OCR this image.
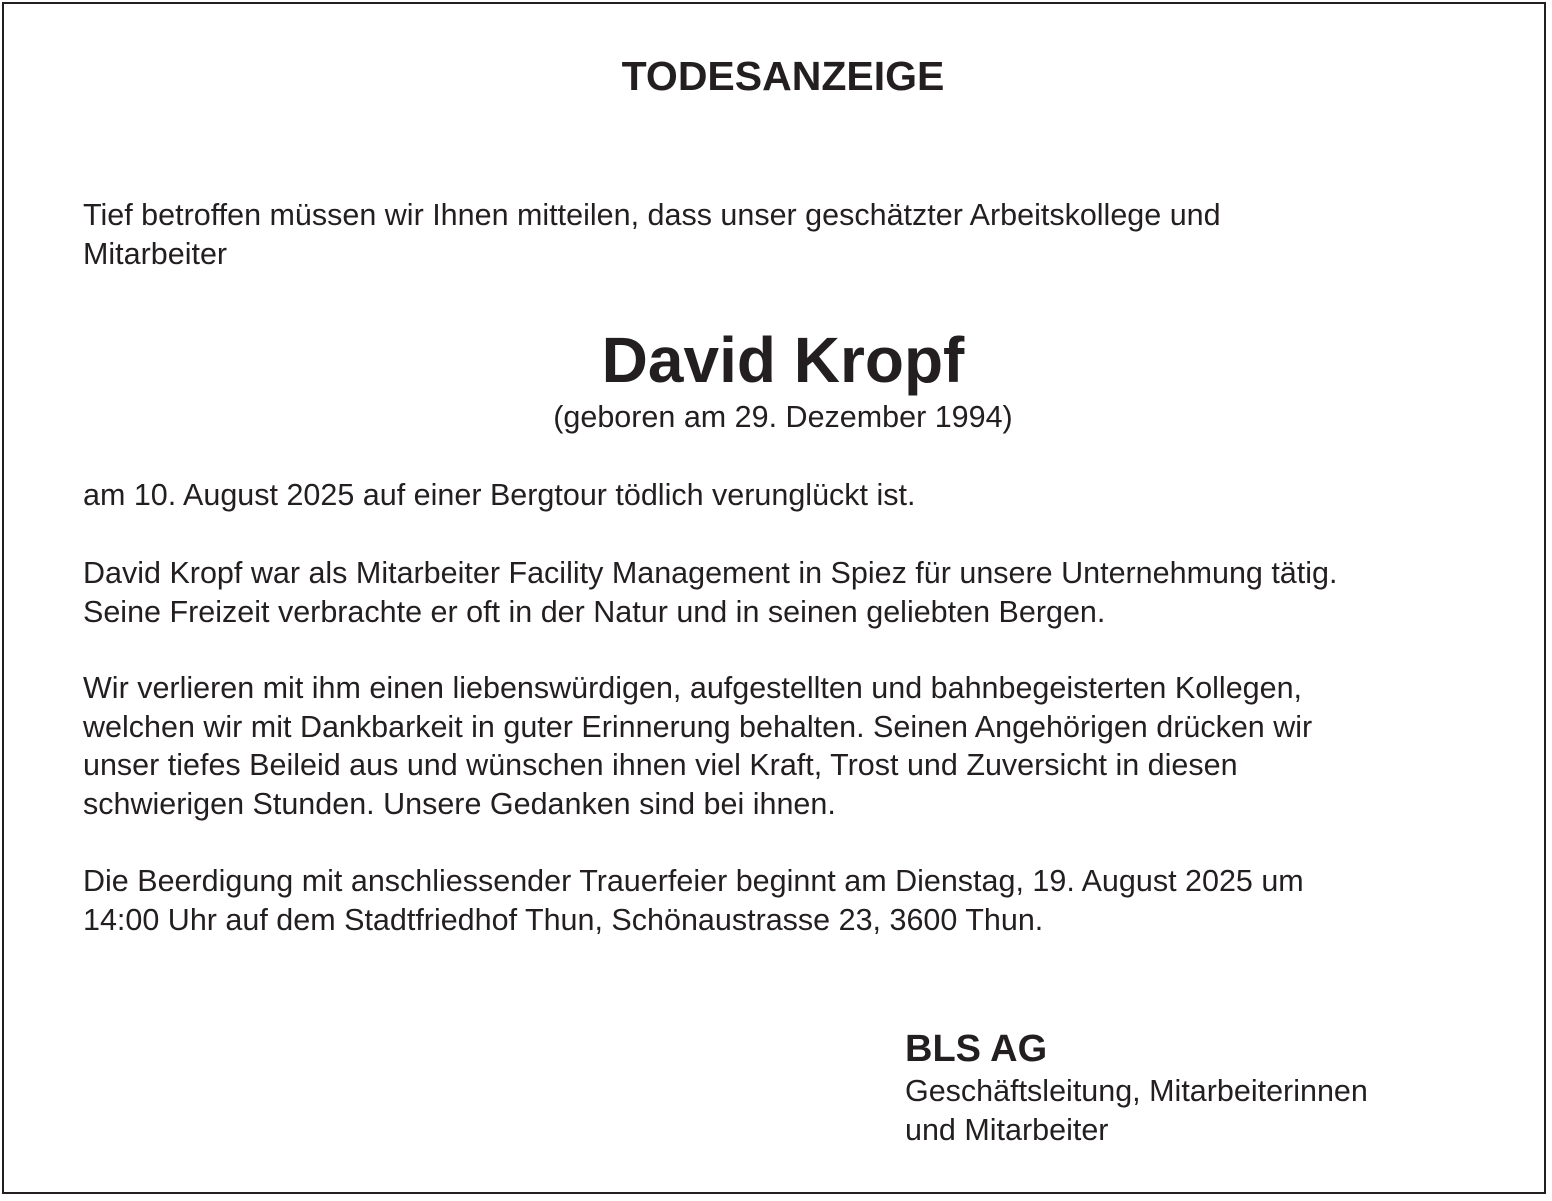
TODESANZEIGE

Tief betroffen müssen wir Ihnen mitteilen, dass unser geschätzter Arbeitskollege und
Mitarbeiter

David Kropf
(geboren am 29. Dezember 1994)

am 10. August 2025 auf einer Bergtour tödlich verunglückt ist.

David Kropf war als Mitarbeiter Facility Management in Spiez für unsere Unternehmung tätig.
Seine Freizeit verbrachte er oft in der Natur und in seinen geliebten Bergen.

Wir verlieren mit ihm einen liebenswürdigen, aufgestellten und bahnbegeisterten Kollegen,
welchen wir mit Dankbarkeit in guter Erinnerung behalten. Seinen Angehörigen drücken wir
unser tiefes Beileid aus und wünschen ihnen viel Kraft, Trost und Zuversicht in diesen
schwierigen Stunden. Unsere Gedanken sind bei ihnen.

Die Beerdigung mit anschliessender Trauerfeier beginnt am Dienstag, 19. August 2025 um
14:00 Uhr auf dem Stadtfriedhof Thun, Schönaustrasse 23, 3600 Thun.

BLS AG
Geschäftsleitung, Mitarbeiterinnen
und Mitarbeiter
